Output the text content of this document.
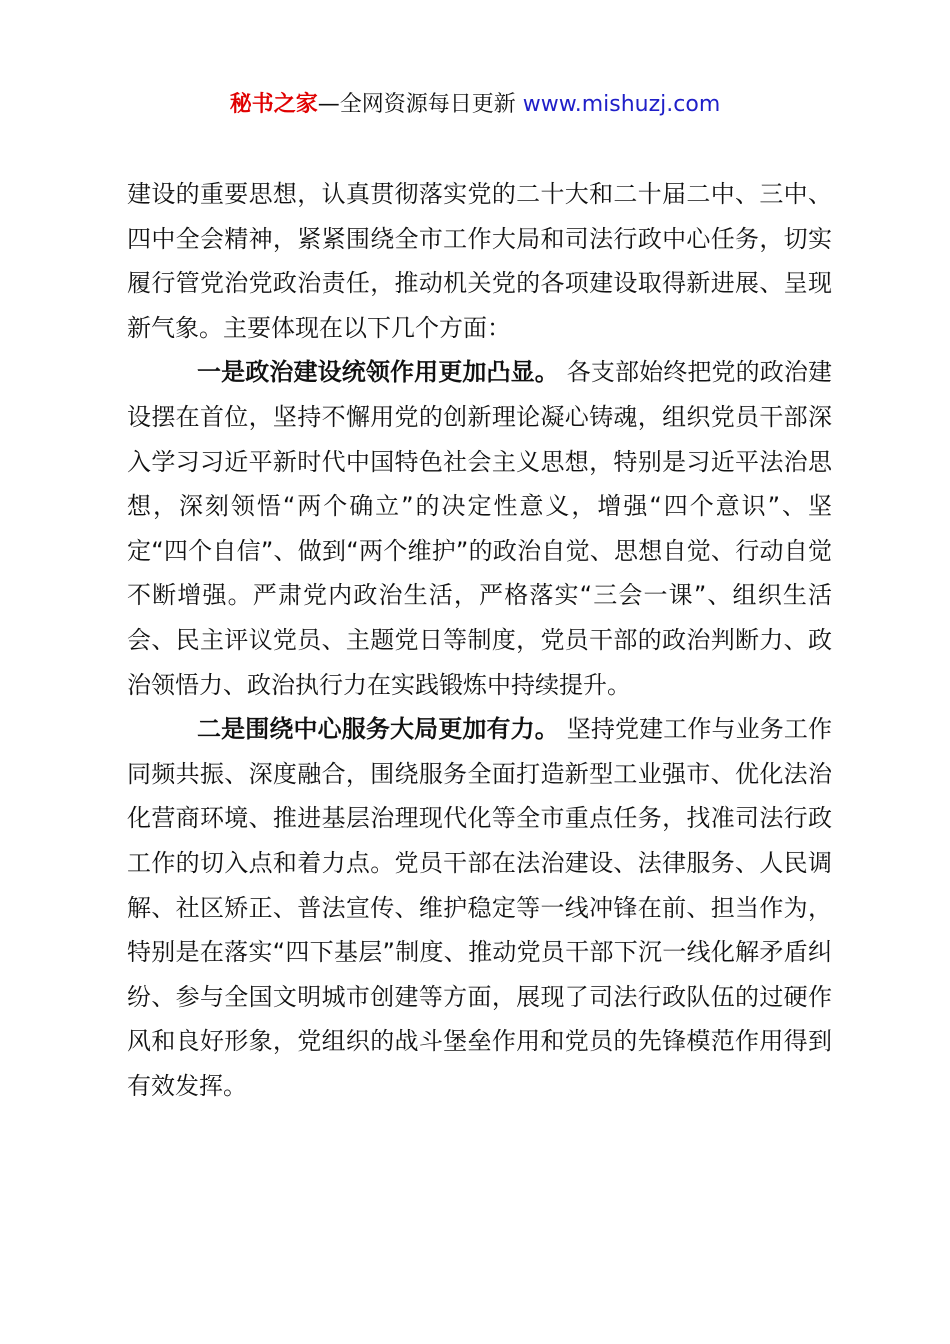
秘书之家—全网资源每日更新 www.mishuzj.com

建设的重要思想，认真贯彻落实党的二十大和二十届二中、三中、四中全会精神，紧紧围绕全市工作大局和司法行政中心任务，切实履行管党治党政治责任，推动机关党的各项建设取得新进展、呈现新气象。主要体现在以下几个方面：

一是政治建设统领作用更加凸显。 各支部始终把党的政治建设摆在首位，坚持不懈用党的创新理论凝心铸魂，组织党员干部深入学习习近平新时代中国特色社会主义思想，特别是习近平法治思想，深刻领悟“两个确立”的决定性意义，增强“四个意识”、坚定“四个自信”、做到“两个维护”的政治自觉、思想自觉、行动自觉不断增强。严肃党内政治生活，严格落实“三会一课”、组织生活会、民主评议党员、主题党日等制度，党员干部的政治判断力、政治领悟力、政治执行力在实践锻炼中持续提升。

二是围绕中心服务大局更加有力。 坚持党建工作与业务工作同频共振、深度融合，围绕服务全面打造新型工业强市、优化法治化营商环境、推进基层治理现代化等全市重点任务，找准司法行政工作的切入点和着力点。党员干部在法治建设、法律服务、人民调解、社区矫正、普法宣传、维护稳定等一线冲锋在前、担当作为，特别是在落实“四下基层”制度、推动党员干部下沉一线化解矛盾纠纷、参与全国文明城市创建等方面，展现了司法行政队伍的过硬作风和良好形象，党组织的战斗堡垒作用和党员的先锋模范作用得到有效发挥。
